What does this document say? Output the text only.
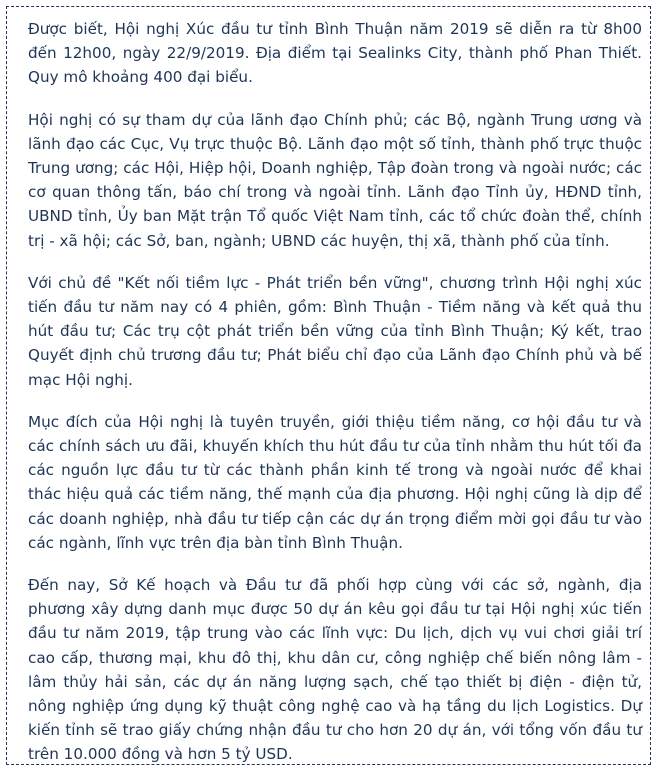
Được biết, Hội nghị Xúc đầu tư tỉnh Bình Thuận năm 2019 sẽ diễn ra từ 8h00 đến 12h00, ngày 22/9/2019. Địa điểm tại Sealinks City, thành phố Phan Thiết. Quy mô khoảng 400 đại biểu.

Hội nghị có sự tham dự của lãnh đạo Chính phủ; các Bộ, ngành Trung ương và lãnh đạo các Cục, Vụ trực thuộc Bộ. Lãnh đạo một số tỉnh, thành phố trực thuộc Trung ương; các Hội, Hiệp hội, Doanh nghiệp, Tập đoàn trong và ngoài nước; các cơ quan thông tấn, báo chí trong và ngoài tỉnh. Lãnh đạo Tỉnh ủy, HĐND tỉnh, UBND tỉnh, Ủy ban Mặt trận Tổ quốc Việt Nam tỉnh, các tổ chức đoàn thể, chính trị - xã hội; các Sở, ban, ngành; UBND các huyện, thị xã, thành phố của tỉnh.

Với chủ đề "Kết nối tiềm lực - Phát triển bền vững", chương trình Hội nghị xúc tiến đầu tư năm nay có 4 phiên, gồm: Bình Thuận - Tiềm năng và kết quả thu hút đầu tư; Các trụ cột phát triển bền vững của tỉnh Bình Thuận; Ký kết, trao Quyết định chủ trương đầu tư; Phát biểu chỉ đạo của Lãnh đạo Chính phủ và bế mạc Hội nghị.

Mục đích của Hội nghị là tuyên truyền, giới thiệu tiềm năng, cơ hội đầu tư và các chính sách ưu đãi, khuyến khích thu hút đầu tư của tỉnh nhằm thu hút tối đa các nguồn lực đầu tư từ các thành phần kinh tế trong và ngoài nước để khai thác hiệu quả các tiềm năng, thế mạnh của địa phương. Hội nghị cũng là dịp để các doanh nghiệp, nhà đầu tư tiếp cận các dự án trọng điểm mời gọi đầu tư vào các ngành, lĩnh vực trên địa bàn tỉnh Bình Thuận.

Đến nay, Sở Kế hoạch và Đầu tư đã phối hợp cùng với các sở, ngành, địa phương xây dựng danh mục được 50 dự án kêu gọi đầu tư tại Hội nghị xúc tiến đầu tư năm 2019, tập trung vào các lĩnh vực: Du lịch, dịch vụ vui chơi giải trí cao cấp, thương mại, khu đô thị, khu dân cư, công nghiệp chế biến nông lâm - lâm thủy hải sản, các dự án năng lượng sạch, chế tạo thiết bị điện - điện tử, nông nghiệp ứng dụng kỹ thuật công nghệ cao và hạ tầng du lịch Logistics. Dự kiến tỉnh sẽ trao giấy chứng nhận đầu tư cho hơn 20 dự án, với tổng vốn đầu tư trên 10.000 đồng và hơn 5 tỷ USD.
